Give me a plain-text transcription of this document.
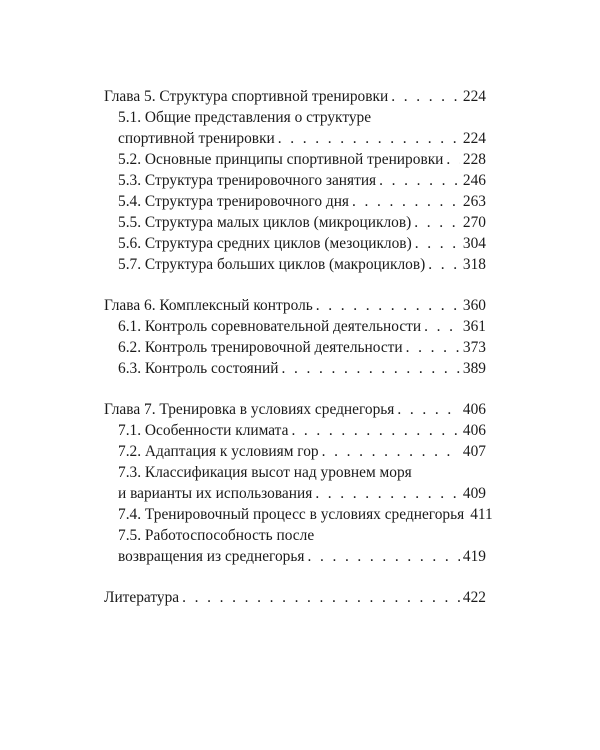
Глава 5. Структура спортивной тренировки . . .	224
5.1. Общие представления о структуре
спортивной тренировки . . .	224
5.2. Основные принципы спортивной тренировки . . . 228
5.3. Структура тренировочного занятия . . .	246
5.4. Структура тренировочного дня . . .	263
5.5. Структура малых циклов (микроциклов) . . .	270
5.6. Структура средних циклов (мезоциклов) . . .	304
5.7. Структура больших циклов (макроциклов) . . . 318
Глава 6. Комплексный контроль . . .	360
6.1. Контроль соревновательной деятельности . . .	361
6.2. Контроль тренировочной деятельности . . .	373
6.3. Контроль состояний . . .	389
Глава 7. Тренировка в условиях среднегорья . . .	406
7.1. Особенности климата . . .	406
7.2. Адаптация к условиям гор . . .	407
7.3. Классификация высот над уровнем моря
и варианты их использования . . .	409
7.4. Тренировочный процесс в условиях среднегорья 411
7.5. Работоспособность после
возвращения из среднегорья . . .	419
Литература . . .	422
